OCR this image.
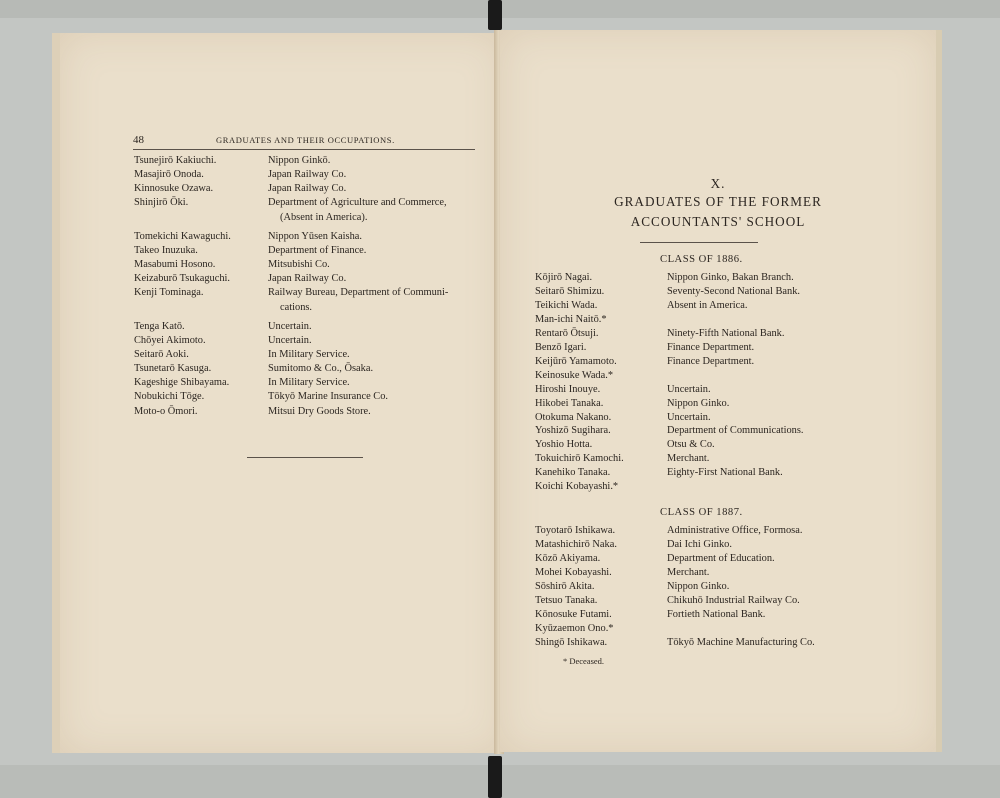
48	GRADUATES AND THEIR OCCUPATIONS.
Tsunejirō Kakiuchi.	Nippon Ginkō.
Masajirō Onoda.	Japan Railway Co.
Kinnosuke Ozawa.	Japan Railway Co.
Shinjirō Ōki.	Department of Agriculture and Commerce,
(Absent in America).
Tomekichi Kawaguchi.	Nippon Yūsen Kaisha.
Takeo Inuzuka.	Department of Finance.
Masabumi Hosono.	Mitsubishi Co.
Keizaburō Tsukaguchi.	Japan Railway Co.
Kenji Tominaga.	Railway Bureau, Department of Communi-
cations.
Tenga Katō.	Uncertain.
Chōyei Akimoto.	Uncertain.
Seitarō Aoki.	In Military Service.
Tsunetarō Kasuga.	Sumitomo & Co., Ōsaka.
Kageshige Shibayama.	In Military Service.
Nobukichi Tōge.	Tōkyō Marine Insurance Co.
Moto-o Ōmori.	Mitsui Dry Goods Store.
X.
GRADUATES OF THE FORMER
ACCOUNTANTS' SCHOOL
CLASS OF 1886.
Kōjirō Nagai.	Nippon Ginko, Bakan Branch.
Seitarō Shimizu.	Seventy-Second National Bank.
Teikichi Wada.	Absent in America.
Man-ichi Naitō.*
Rentarō Ōtsuji.	Ninety-Fifth National Bank.
Benzō Igari.	Finance Department.
Keijūrō Yamamoto.	Finance Department.
Keinosuke Wada.*
Hiroshi Inouye.	Uncertain.
Hikobei Tanaka.	Nippon Ginko.
Otokuma Nakano.	Uncertain.
Yoshizō Sugihara.	Department of Communications.
Yoshio Hotta.	Otsu & Co.
Tokuichirō Kamochi.	Merchant.
Kanehiko Tanaka.	Eighty-First National Bank.
Koichi Kobayashi.*
CLASS OF 1887.
Toyotarō Ishikawa.	Administrative Office, Formosa.
Matashichirō Naka.	Dai Ichi Ginko.
Kōzō Akiyama.	Department of Education.
Mohei Kobayashi.	Merchant.
Sōshirō Akita.	Nippon Ginko.
Tetsuo Tanaka.	Chikuhō Industrial Railway Co.
Kōnosuke Futami.	Fortieth National Bank.
Kyūzaemon Ono.*
Shingō Ishikawa.	Tōkyō Machine Manufacturing Co.
* Deceased.
